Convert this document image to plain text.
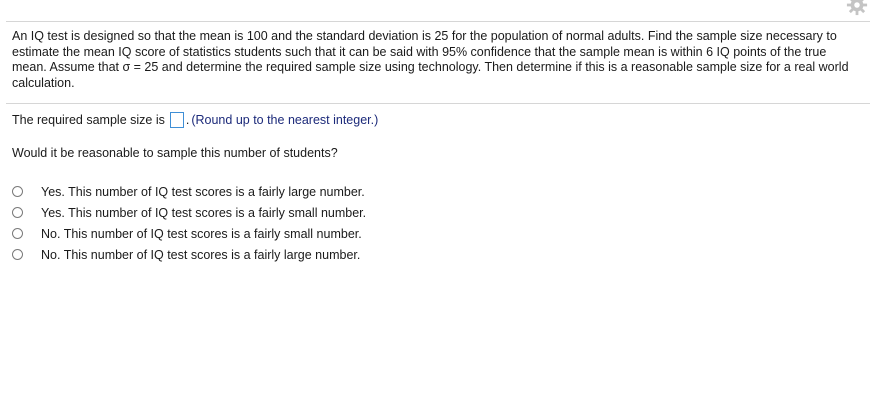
An IQ test is designed so that the mean is 100 and the standard deviation is 25 for the population of normal adults. Find the sample size necessary to estimate the mean IQ score of statistics students such that it can be said with 95% confidence that the sample mean is within 6 IQ points of the true mean. Assume that σ = 25 and determine the required sample size using technology. Then determine if this is a reasonable sample size for a real world calculation.
The required sample size is . (Round up to the nearest integer.)
Would it be reasonable to sample this number of students?
Yes. This number of IQ test scores is a fairly large number.
Yes. This number of IQ test scores is a fairly small number.
No. This number of IQ test scores is a fairly small number.
No. This number of IQ test scores is a fairly large number.
